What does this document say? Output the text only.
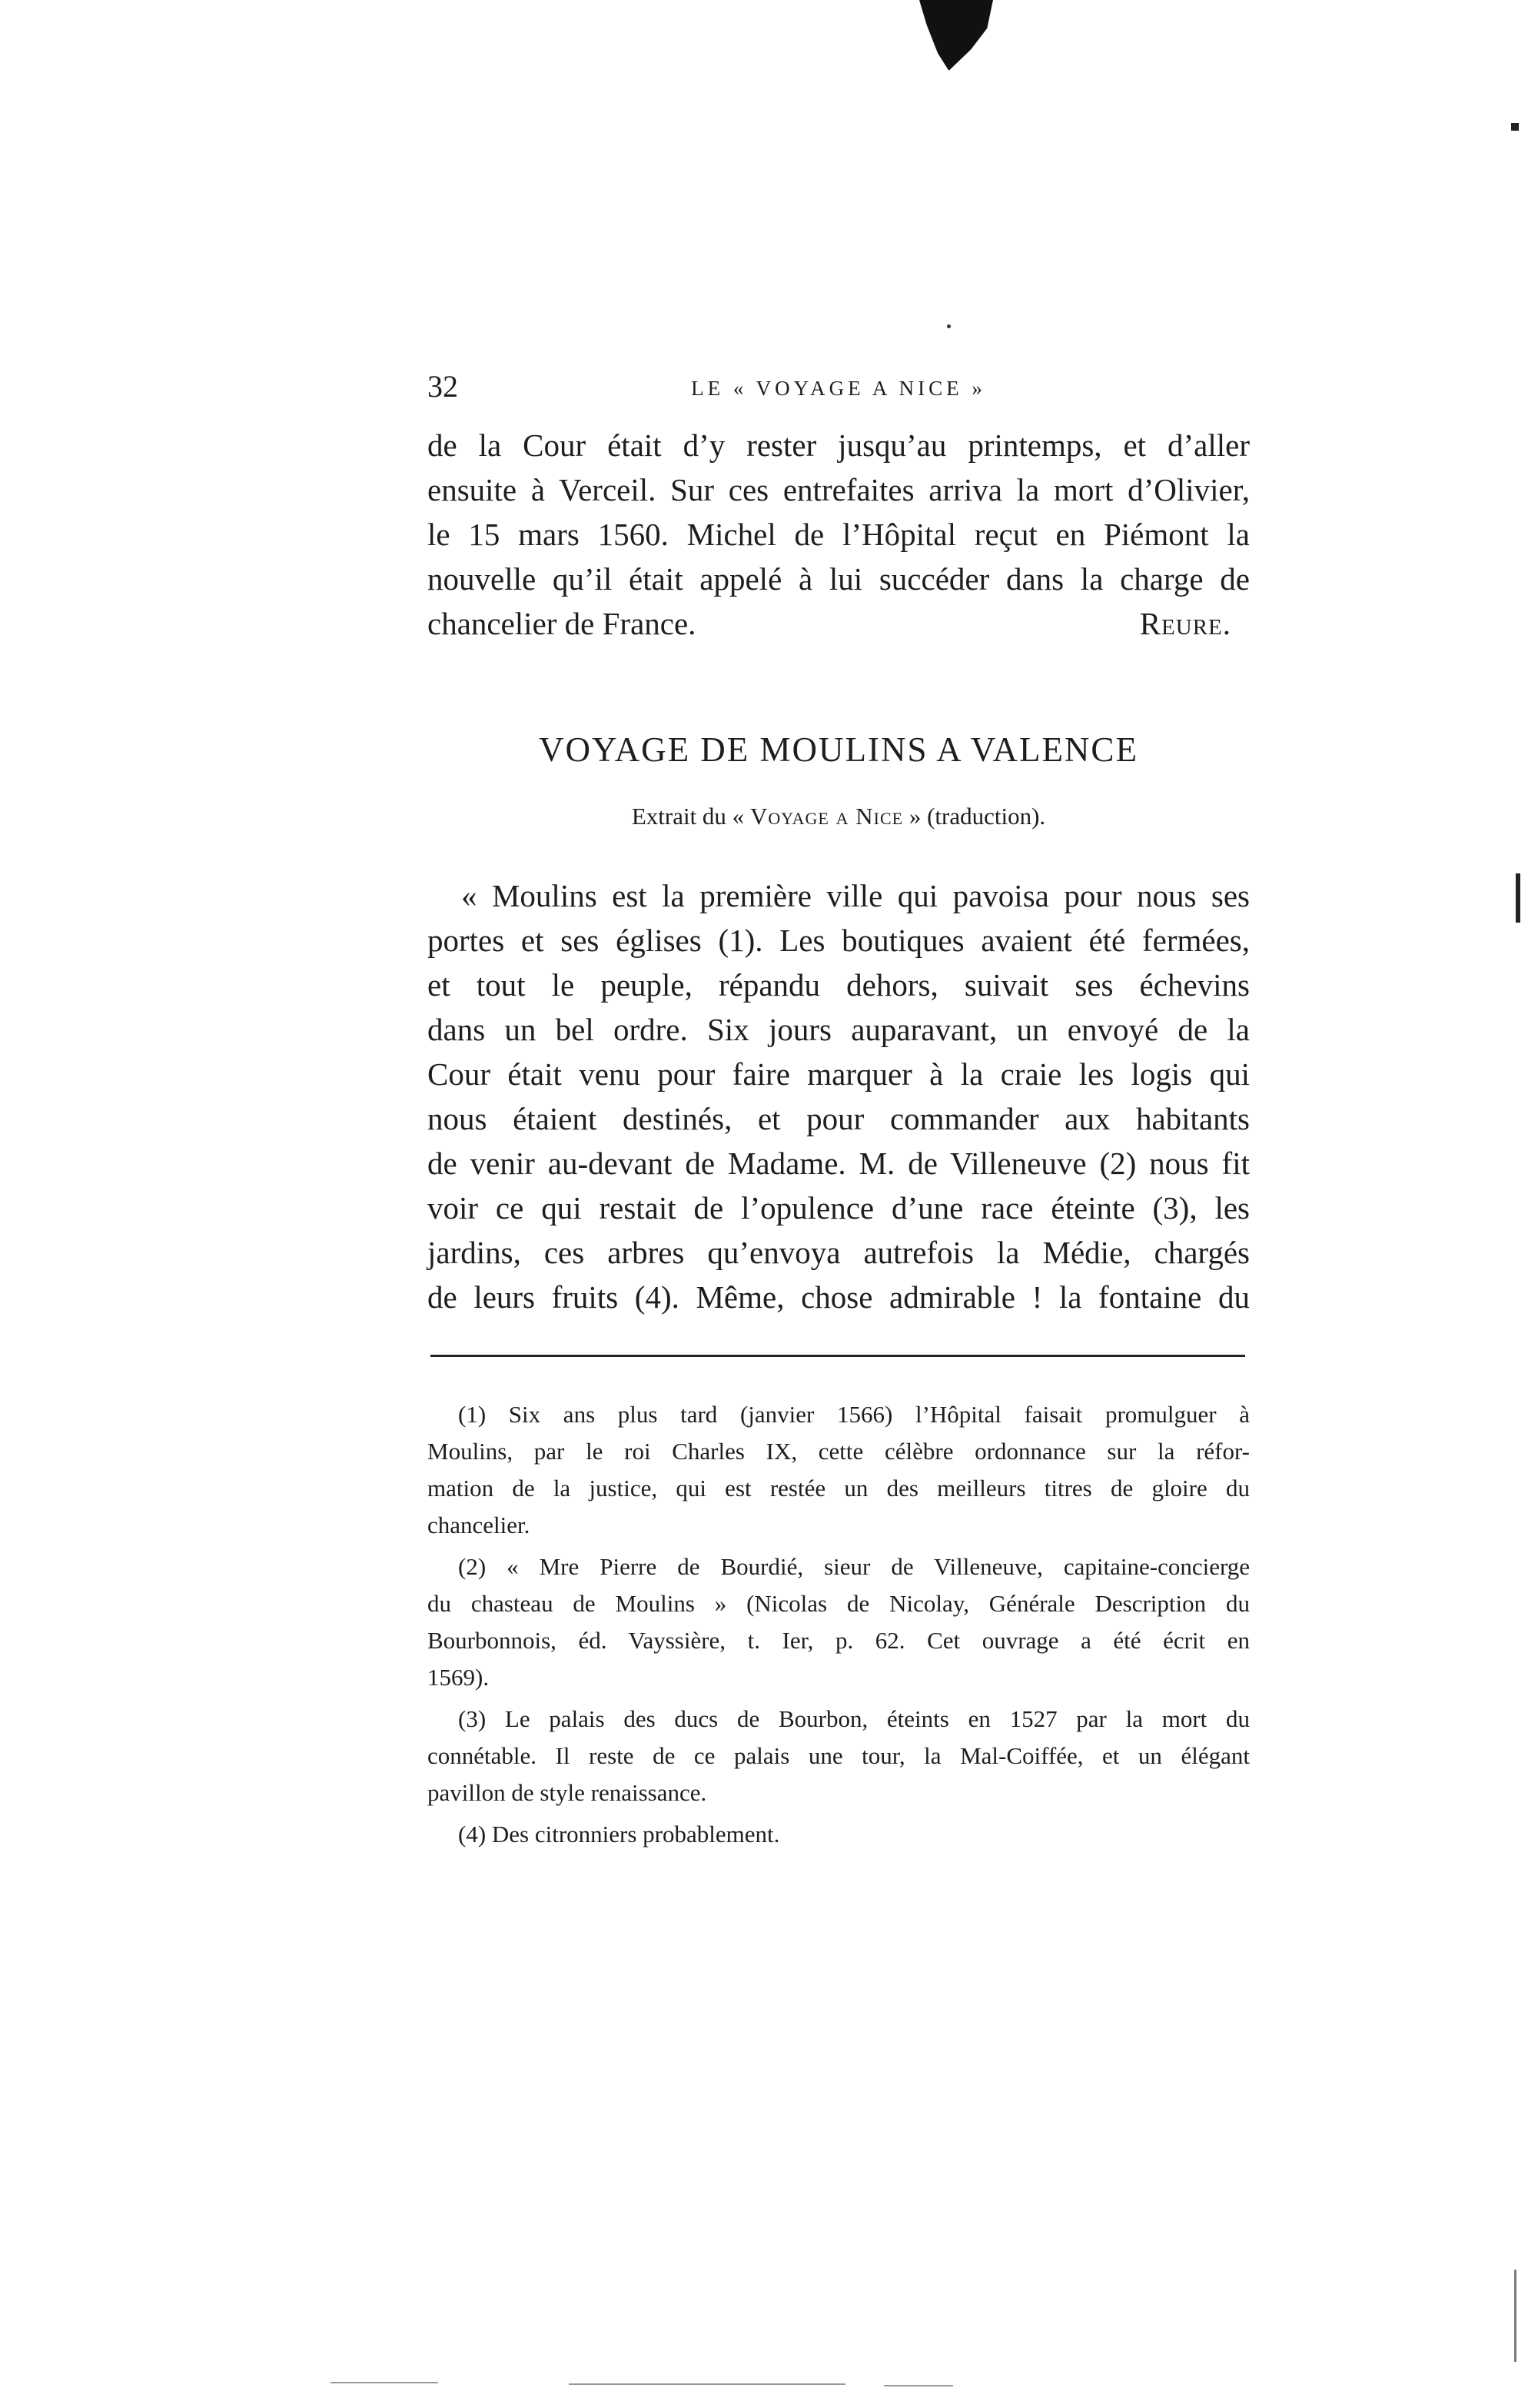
32	LE « VOYAGE A NICE »
de la Cour était d’y rester jusqu’au printemps, et d’aller
ensuite à Verceil. Sur ces entrefaites arriva la mort d’Olivier,
le 15 mars 1560. Michel de l’Hôpital reçut en Piémont la
nouvelle qu’il était appelé à lui succéder dans la charge de
chancelier de France.	Reure.
VOYAGE DE MOULINS A VALENCE
Extrait du « Voyage a Nice » (traduction).
« Moulins est la première ville qui pavoisa pour nous ses
portes et ses églises (1). Les boutiques avaient été fermées,
et tout le peuple, répandu dehors, suivait ses échevins
dans un bel ordre. Six jours auparavant, un envoyé de la
Cour était venu pour faire marquer à la craie les logis qui
nous étaient destinés, et pour commander aux habitants
de venir au-devant de Madame. M. de Villeneuve (2) nous fit
voir ce qui restait de l’opulence d’une race éteinte (3), les
jardins, ces arbres qu’envoya autrefois la Médie, chargés
de leurs fruits (4). Même, chose admirable ! la fontaine du
(1) Six ans plus tard (janvier 1566) l’Hôpital faisait promulguer à
Moulins, par le roi Charles IX, cette célèbre ordonnance sur la réfor-
mation de la justice, qui est restée un des meilleurs titres de gloire du
chancelier.
(2) « Mre Pierre de Bourdié, sieur de Villeneuve, capitaine-concierge
du chasteau de Moulins » (Nicolas de Nicolay, Générale Description du
Bourbonnois, éd. Vayssière, t. Ier, p. 62. Cet ouvrage a été écrit en
1569).
(3) Le palais des ducs de Bourbon, éteints en 1527 par la mort du
connétable. Il reste de ce palais une tour, la Mal-Coiffée, et un élégant
pavillon de style renaissance.
(4) Des citronniers probablement.
